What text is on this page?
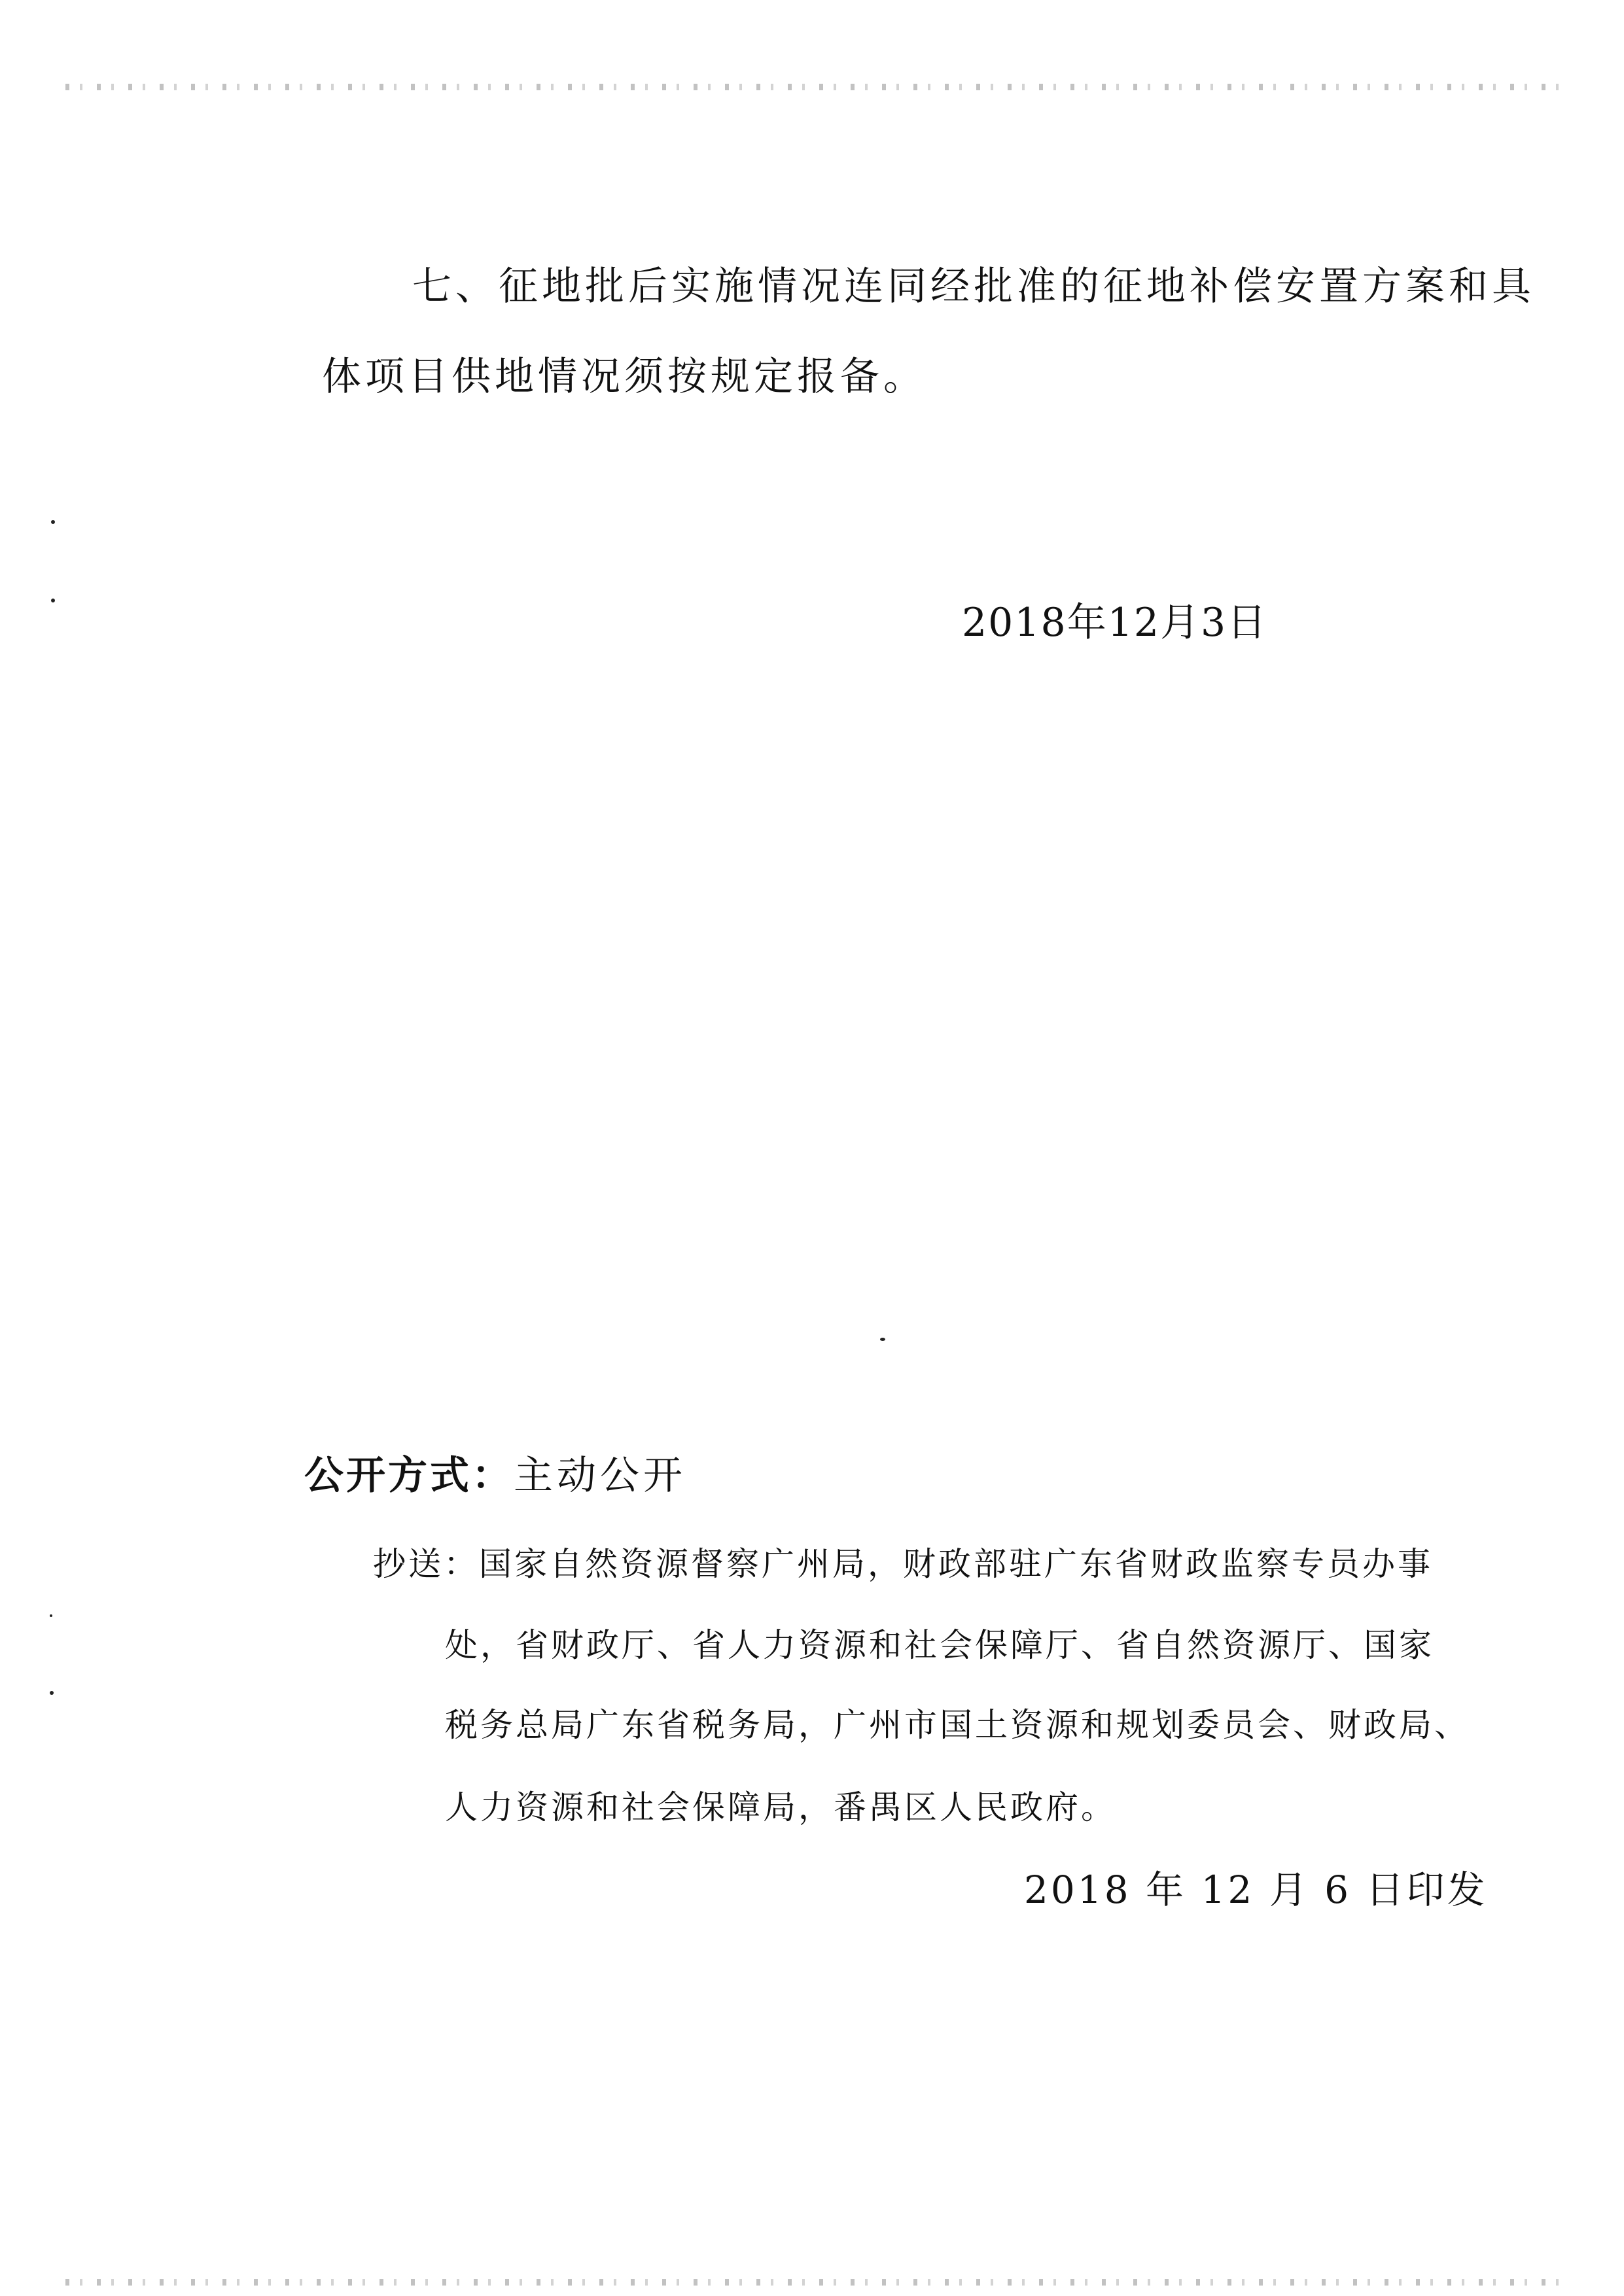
七、征地批后实施情况连同经批准的征地补偿安置方案和具

体项目供地情况须按规定报备。

2018年12月3日

公开方式：主动公开
抄送：国家自然资源督察广州局，财政部驻广东省财政监察专员办事
处，省财政厅、省人力资源和社会保障厅、省自然资源厅、国家
税务总局广东省税务局，广州市国土资源和规划委员会、财政局、
人力资源和社会保障局，番禺区人民政府。
2018 年 12 月 6 日印发
